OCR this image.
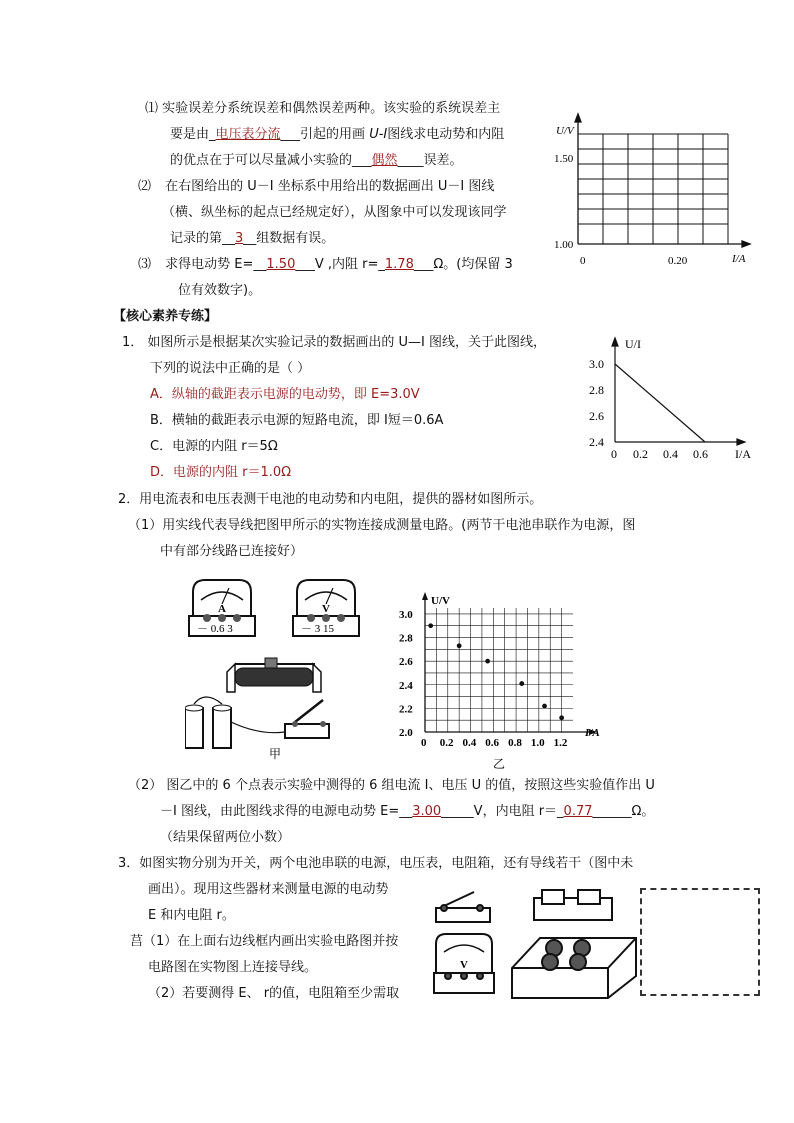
⑴ 实验误差分系统误差和偶然误差两种。该实验的系统误差主
要是由_电压表分流___引起的用画 U-I图线求电动势和内阻
的优点在于可以尽量减小实验的___偶然____误差。
⑵ 在右图给出的 U－I 坐标系中用给出的数据画出 U－I 图线
（横、纵坐标的起点已经规定好），从图象中可以发现该同学
记录的第__3__组数据有误。
⑶ 求得电动势 E=__1.50___V ,内阻 r=_1.78___Ω。(均保留 3
位有效数字)。
U/V
1.50
1.00
0	0.20	I/A
【核心素养专练】
1． 如图所示是根据某次实验记录的数据画出的 U—I 图线，关于此图线，
下列的说法中正确的是（ ）
A．纵轴的截距表示电源的电动势，即 E=3.0V
B．横轴的截距表示电源的短路电流，即 I短＝0.6A
C．电源的内阻 r＝5Ω
D．电源的内阻 r＝1.0Ω
U/I
I/A
3.0
2.8
2.6
2.4
0 0.2 0.4 0.6
2．用电流表和电压表测干电池的电动势和内电阻，提供的器材如图所示。
（1）用实线代表导线把图甲所示的实物连接成测量电路。(两节干电池串联作为电源，图
中有部分线路已连接好）
A
－ 0.6 3
V
－ 3 15
甲
U/V
I/A
3.0
2.8
2.6
2.4
2.2
2.0
0 0.2 0.4 0.6 0.8 1.0 1.2
乙
（2） 图乙中的 6 个点表示实验中测得的 6 组电流 I、电压 U 的值，按照这些实验值作出 U
－I 图线，由此图线求得的电源电动势 E=__3.00_____V，内电阻 r＝_0.77______Ω。
（结果保留两位小数）
3．如图实物分别为开关，两个电池串联的电源，电压表，电阻箱，还有导线若干（图中未
画出）。现用这些器材来测量电源的电动势
E 和内电阻 r。
莒（1）在上面右边线框内画出实验电路图并按
电路图在实物图上连接导线。
（2）若要测得 E、 r的值，电阻箱至少需取
V
